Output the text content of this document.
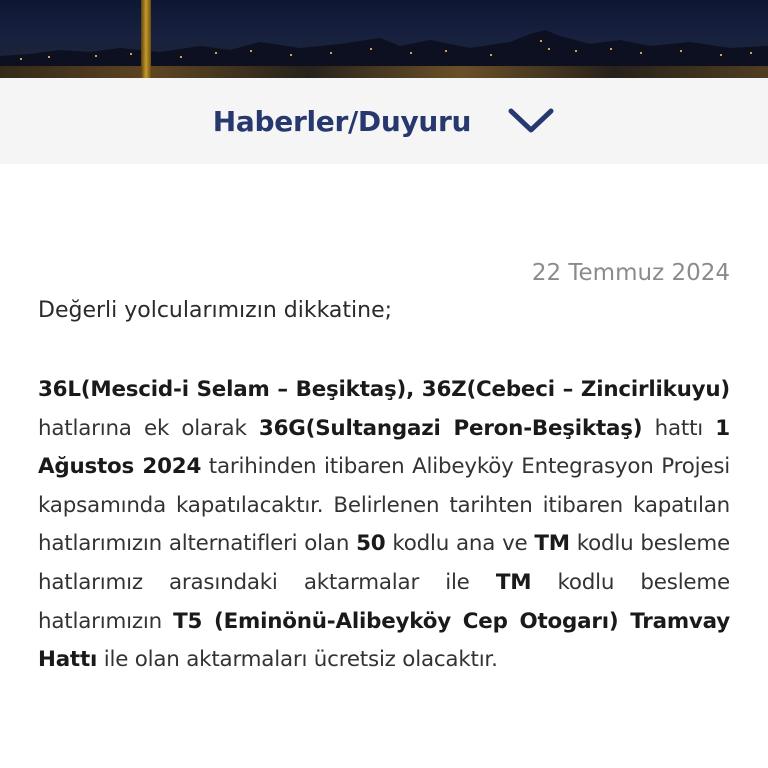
Haberler/Duyuru
22 Temmuz 2024
Değerli yolcularımızın dikkatine;
36L(Mescid-i Selam – Beşiktaş), 36Z(Cebeci – Zincirlikuyu) hatlarına ek olarak 36G(Sultangazi Peron-Beşiktaş) hattı 1 Ağustos 2024 tarihinden itibaren Alibeyköy Entegrasyon Projesi kapsamında kapatılacaktır. Belirlenen tarihten itibaren kapatılan hatlarımızın alternatifleri olan 50 kodlu ana ve TM kodlu besleme hatlarımız arasındaki aktarmalar ile TM kodlu besleme hatlarımızın T5 (Eminönü-Alibeyköy Cep Otogarı) Tramvay Hattı ile olan aktarmaları ücretsiz olacaktır.
